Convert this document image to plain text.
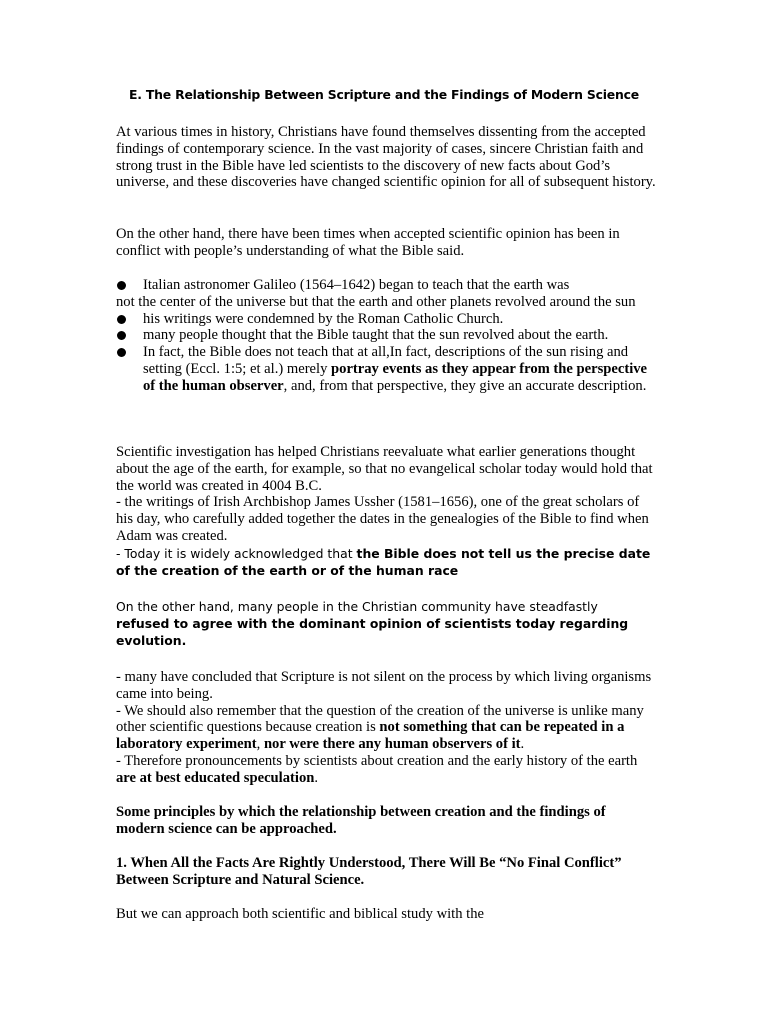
E. The Relationship Between Scripture and the Findings of Modern Science
At various times in history, Christians have found themselves dissenting from the accepted findings of contemporary science. In the vast majority of cases, sincere Christian faith and strong trust in the Bible have led scientists to the discovery of new facts about God’s universe, and these discoveries have changed scientific opinion for all of subsequent history.
On the other hand, there have been times when accepted scientific opinion has been in conflict with people’s understanding of what the Bible said.
Italian astronomer Galileo (1564–1642) began to teach that the earth was
not the center of the universe but that the earth and other planets revolved around the sun
his writings were condemned by the Roman Catholic Church.
many people thought that the Bible taught that the sun revolved about the earth.
In fact, the Bible does not teach that at all,In fact, descriptions of the sun rising and setting (Eccl. 1:5; et al.) merely portray events as they appear from the perspective of the human observer, and, from that perspective, they give an accurate description.
Scientific investigation has helped Christians reevaluate what earlier generations thought about the age of the earth, for example, so that no evangelical scholar today would hold that the world was created in 4004 B.C.
- the writings of Irish Archbishop James Ussher (1581–1656), one of the great scholars of his day, who carefully added together the dates in the genealogies of the Bible to find when Adam was created.
- Today it is widely acknowledged that the Bible does not tell us the precise date of the creation of the earth or of the human race
On the other hand, many people in the Christian community have steadfastly
refused to agree with the dominant opinion of scientists today regarding evolution.
- many have concluded that Scripture is not silent on the process by which living organisms came into being.
- We should also remember that the question of the creation of the universe is unlike many other scientific questions because creation is not something that can be repeated in a laboratory experiment, nor were there any human observers of it.
- Therefore pronouncements by scientists about creation and the early history of the earth are at best educated speculation.
Some principles by which the relationship between creation and the findings of modern science can be approached.
1. When All the Facts Are Rightly Understood, There Will Be “No Final Conflict” Between Scripture and Natural Science.
But we can approach both scientific and biblical study with the
